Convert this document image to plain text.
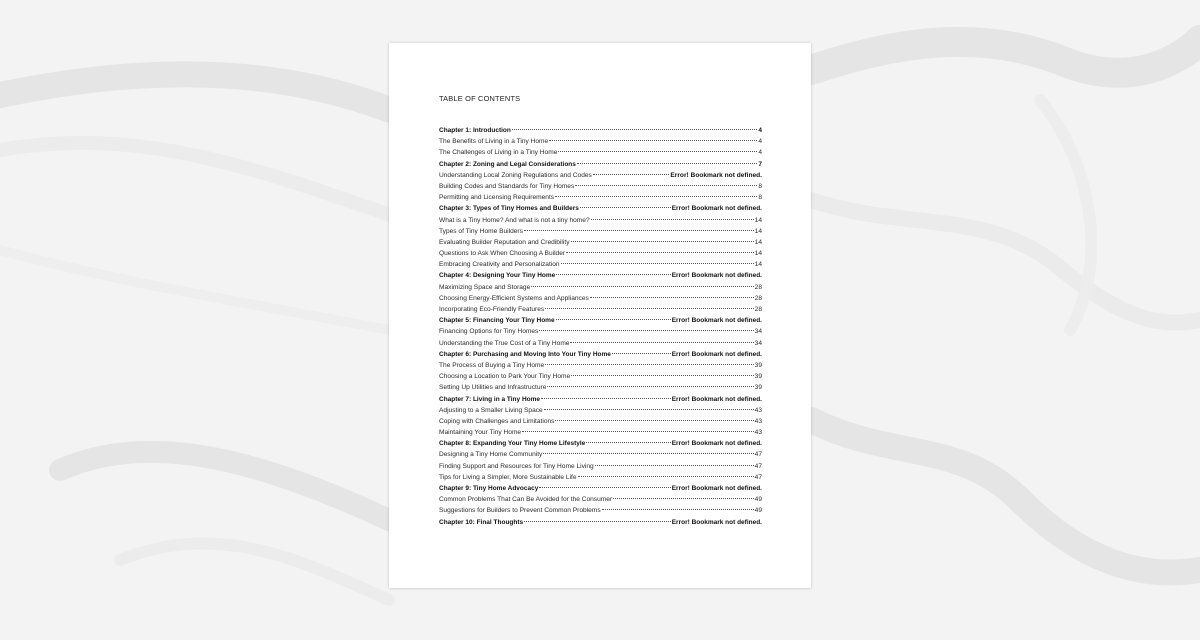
TABLE OF CONTENTS
Chapter 1: Introduction	4
The Benefits of Living in a Tiny Home	4
The Challenges of Living in a Tiny Home	4
Chapter 2: Zoning and Legal Considerations	7
Understanding Local Zoning Regulations and Codes	Error! Bookmark not defined.
Building Codes and Standards for Tiny Homes	8
Permitting and Licensing Requirements	8
Chapter 3: Types of Tiny Homes and Builders	Error! Bookmark not defined.
What is a Tiny Home? And what is not a tiny home?	14
Types of Tiny Home Builders	14
Evaluating Builder Reputation and Credibility	14
Questions to Ask When Choosing A Builder	14
Embracing Creativity and Personalization	14
Chapter 4: Designing Your Tiny Home	Error! Bookmark not defined.
Maximizing Space and Storage	28
Choosing Energy-Efficient Systems and Appliances	28
Incorporating Eco-Friendly Features	28
Chapter 5: Financing Your Tiny Home	Error! Bookmark not defined.
Financing Options for Tiny Homes	34
Understanding the True Cost of a Tiny Home	34
Chapter 6: Purchasing and Moving Into Your Tiny Home	Error! Bookmark not defined.
The Process of Buying a Tiny Home	39
Choosing a Location to Park Your Tiny Home	39
Setting Up Utilities and Infrastructure	39
Chapter 7: Living in a Tiny Home	Error! Bookmark not defined.
Adjusting to a Smaller Living Space	43
Coping with Challenges and Limitations	43
Maintaining Your Tiny Home	43
Chapter 8: Expanding Your Tiny Home Lifestyle	Error! Bookmark not defined.
Designing a Tiny Home Community	47
Finding Support and Resources for Tiny Home Living	47
Tips for Living a Simpler, More Sustainable Life	47
Chapter 9: Tiny Home Advocacy	Error! Bookmark not defined.
Common Problems That Can Be Avoided for the Consumer	49
Suggestions for Builders to Prevent Common Problems	49
Chapter 10: Final Thoughts	Error! Bookmark not defined.
